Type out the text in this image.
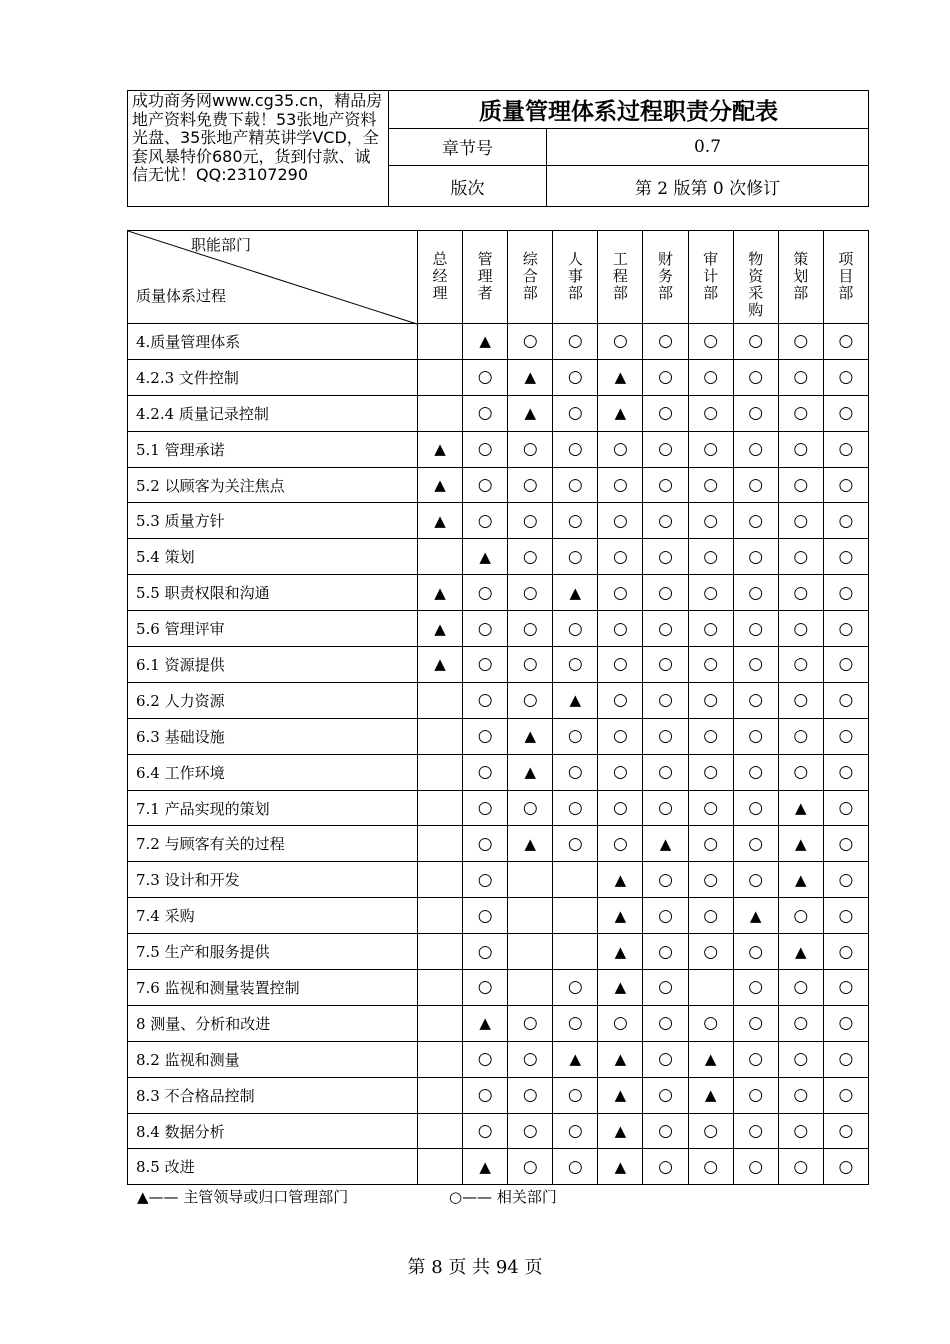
成功商务网www.cg35.cn，精品房地产资料免费下载！53张地产资料光盘、35张地产精英讲学VCD，全套风暴特价680元，货到付款、诚信无忧！QQ:23107290	质量管理体系过程职责分配表	
	章节号	0.7
	版次	第 2 版第 0 次修订
职能部门
质量体系过程	总经理	管理者	综合部	人事部	工程部	财务部	审计部	物资采购	策划部	项目部
4.质量管理体系		▲	○	○	○	○	○	○	○	○
4.2.3 文件控制		○	▲	○	▲	○	○	○	○	○
4.2.4 质量记录控制		○	▲	○	▲	○	○	○	○	○
5.1 管理承诺	▲	○	○	○	○	○	○	○	○	○
5.2 以顾客为关注焦点	▲	○	○	○	○	○	○	○	○	○
5.3 质量方针	▲	○	○	○	○	○	○	○	○	○
5.4 策划		▲	○	○	○	○	○	○	○	○
5.5 职责权限和沟通	▲	○	○	▲	○	○	○	○	○	○
5.6 管理评审	▲	○	○	○	○	○	○	○	○	○
6.1 资源提供	▲	○	○	○	○	○	○	○	○	○
6.2 人力资源		○	○	▲	○	○	○	○	○	○
6.3 基础设施		○	▲	○	○	○	○	○	○	○
6.4 工作环境		○	▲	○	○	○	○	○	○	○
7.1 产品实现的策划		○	○	○	○	○	○	○	▲	○
7.2 与顾客有关的过程		○	▲	○	○	▲	○	○	▲	○
7.3 设计和开发		○			▲	○	○	○	▲	○
7.4 采购		○			▲	○	○	▲	○	○
7.5 生产和服务提供		○			▲	○	○	○	▲	○
7.6 监视和测量装置控制		○		○	▲	○		○	○	○
8 测量、分析和改进		▲	○	○	○	○	○	○	○	○
8.2 监视和测量		○	○	▲	▲	○	▲	○	○	○
8.3 不合格品控制		○	○	○	▲	○	▲	○	○	○
8.4 数据分析		○	○	○	▲	○	○	○	○	○
8.5 改进		▲	○	○	▲	○	○	○	○	○
▲—— 主管领导或归口管理部门	○—— 相关部门
第 8 页 共 94 页
